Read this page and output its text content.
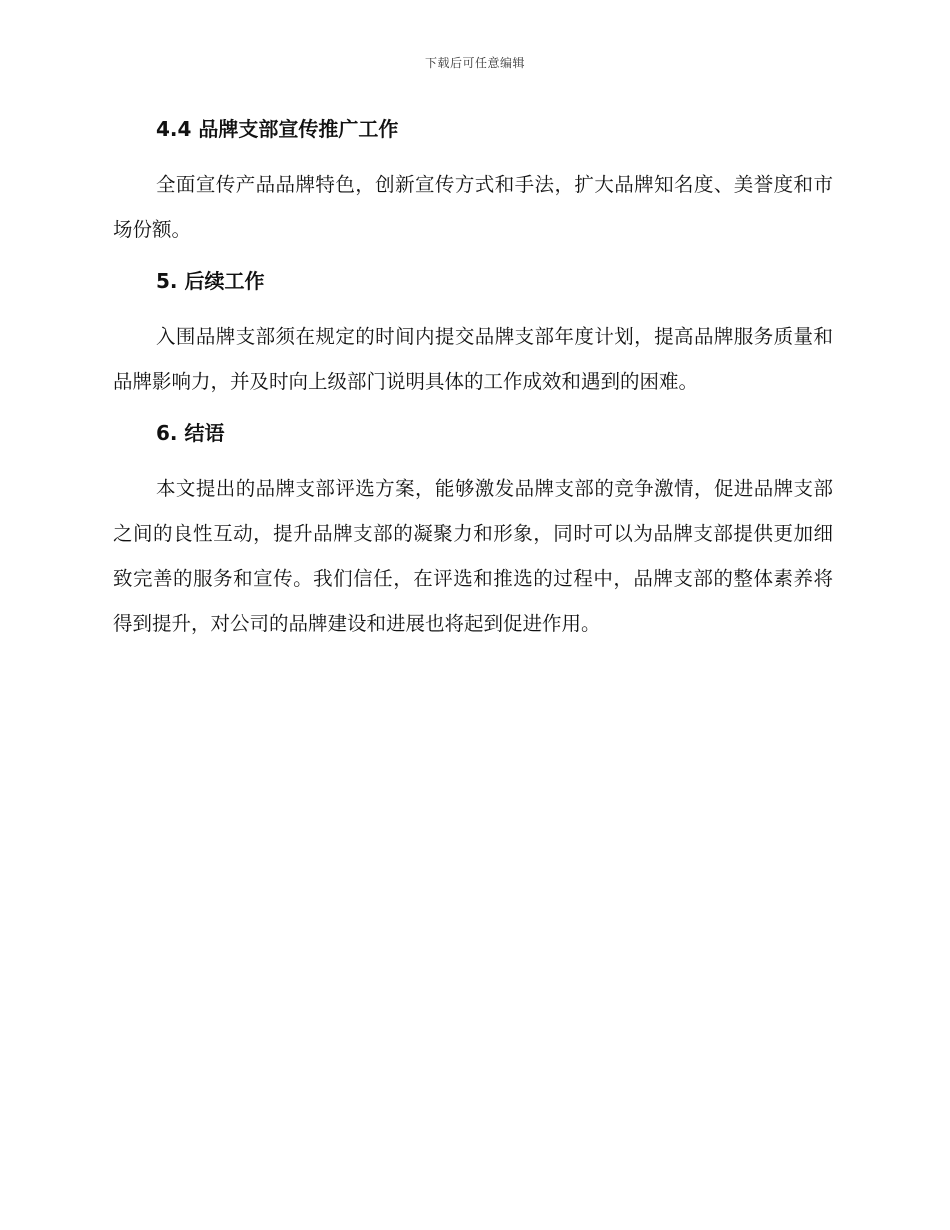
下载后可任意编辑
4.4 品牌支部宣传推广工作

全面宣传产品品牌特色，创新宣传方式和手法，扩大品牌知名度、美誉度和市场份额。

5. 后续工作

入围品牌支部须在规定的时间内提交品牌支部年度计划，提高品牌服务质量和品牌影响力，并及时向上级部门说明具体的工作成效和遇到的困难。

6. 结语

本文提出的品牌支部评选方案，能够激发品牌支部的竞争激情，促进品牌支部之间的良性互动，提升品牌支部的凝聚力和形象，同时可以为品牌支部提供更加细致完善的服务和宣传。我们信任，在评选和推选的过程中，品牌支部的整体素养将得到提升，对公司的品牌建设和进展也将起到促进作用。
